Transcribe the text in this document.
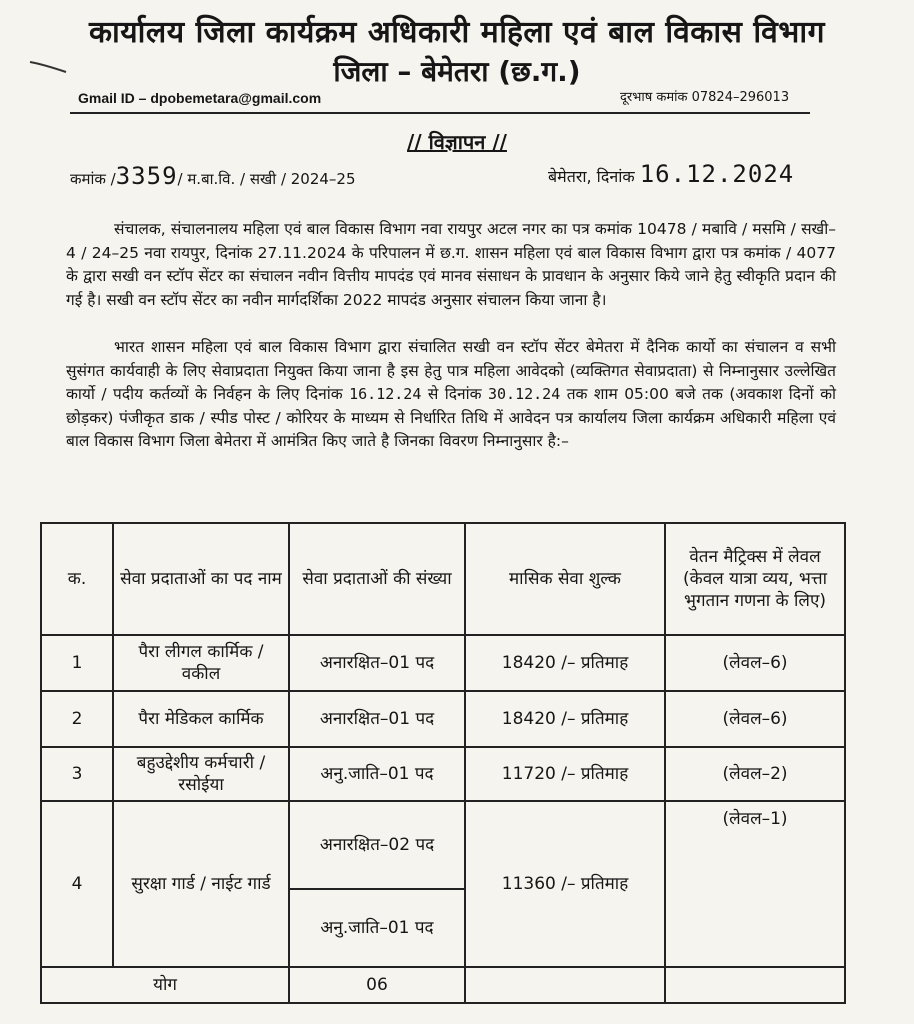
कार्यालय जिला कार्यक्रम अधिकारी महिला एवं बाल विकास विभाग
जिला – बेमेतरा (छ.ग.)
Gmail ID – dpobemetara@gmail.com	दूरभाष कमांक 07824–296013
// विज्ञापन //
कमांक /3359/ म.बा.वि. / सखी / 2024–25	बेमेतरा, दिनांक 16.12.2024
संचालक, संचालनालय महिला एवं बाल विकास विभाग नवा रायपुर अटल नगर का पत्र कमांक 10478 / मबावि / मसमि / सखी–4 / 24–25 नवा रायपुर, दिनांक 27.11.2024 के परिपालन में छ.ग. शासन महिला एवं बाल विकास विभाग द्वारा पत्र कमांक / 4077 के द्वारा सखी वन स्टॉप सेंटर का संचालन नवीन वित्तीय मापदंड एवं मानव संसाधन के प्रावधान के अनुसार किये जाने हेतु स्वीकृति प्रदान की गई है। सखी वन स्टॉप सेंटर का नवीन मार्गदर्शिका 2022 मापदंड अनुसार संचालन किया जाना है।
भारत शासन महिला एवं बाल विकास विभाग द्वारा संचालित सखी वन स्टॉप सेंटर बेमेतरा में दैनिक कार्यो का संचालन व सभी सुसंगत कार्यवाही के लिए सेवाप्रदाता नियुक्त किया जाना है इस हेतु पात्र महिला आवेदको (व्यक्तिगत सेवाप्रदाता) से निम्नानुसार उल्लेखित कार्यो / पदीय कर्तव्यों के निर्वहन के लिए दिनांक 16.12.24 से दिनांक 30.12.24 तक शाम 05:00 बजे तक (अवकाश दिनों को छोड़कर) पंजीकृत डाक / स्पीड पोस्ट / कोरियर के माध्यम से निर्धारित तिथि में आवेदन पत्र कार्यालय जिला कार्यक्रम अधिकारी महिला एवं बाल विकास विभाग जिला बेमेतरा में आमंत्रित किए जाते है जिनका विवरण निम्नानुसार है:–
क.	सेवा प्रदाताओं का पद नाम	सेवा प्रदाताओं की संख्या	मासिक सेवा शुल्क	वेतन मैट्रिक्स में लेवल (केवल यात्रा व्यय, भत्ता भुगतान गणना के लिए)
1	पैरा लीगल कार्मिक / वकील	अनारक्षित–01 पद	18420 /– प्रतिमाह	(लेवल–6)
2	पैरा मेडिकल कार्मिक	अनारक्षित–01 पद	18420 /– प्रतिमाह	(लेवल–6)
3	बहुउद्देशीय कर्मचारी / रसोईया	अनु.जाति–01 पद	11720 /– प्रतिमाह	(लेवल–2)
4	सुरक्षा गार्ड / नाईट गार्ड	अनारक्षित–02 पद	11360 /– प्रतिमाह	(लेवल–1)
		अनु.जाति–01 पद		
योग		06		
